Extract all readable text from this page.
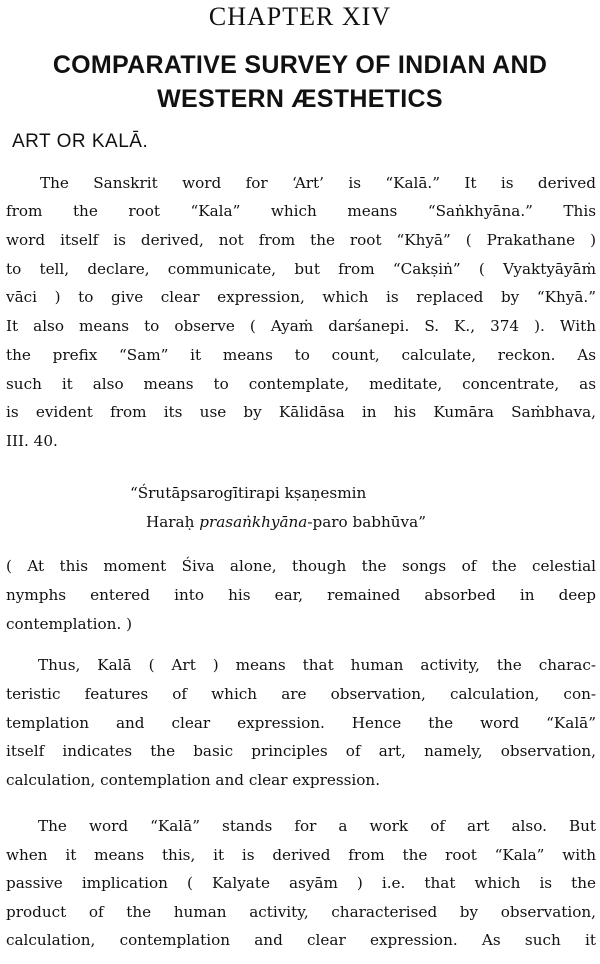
CHAPTER XIV
COMPARATIVE SURVEY OF INDIAN AND
WESTERN ÆSTHETICS
ART OR KALĀ.
The Sanskrit word for ‘Art’ is “Kalā.” It is derived
from the root “Kala” which means “Saṅkhyāna.” This
word itself is derived, not from the root “Khyā” ( Prakathane )
to tell, declare, communicate, but from “Cakṣiṅ” ( Vyaktyāyāṁ
vāci ) to give clear expression, which is replaced by “Khyā.”
It also means to observe ( Ayaṁ darśanepi. S. K., 374 ). With
the prefix “Sam” it means to count, calculate, reckon. As
such it also means to contemplate, meditate, concentrate, as
is evident from its use by Kālidāsa in his Kumāra Saṁbhava,
III. 40.
“Śrutāpsarogītirapi kṣaṇesmin
Haraḥ prasaṅkhyāna-paro babhūva”
( At this moment Śiva alone, though the songs of the celestial
nymphs entered into his ear, remained absorbed in deep
contemplation. )
Thus, Kalā ( Art ) means that human activity, the charac-
teristic features of which are observation, calculation, con-
templation and clear expression. Hence the word “Kalā”
itself indicates the basic principles of art, namely, observation,
calculation, contemplation and clear expression.
The word “Kalā” stands for a work of art also. But
when it means this, it is derived from the root “Kala” with
passive implication ( Kalyate asyām ) i.e. that which is the
product of the human activity, characterised by observation,
calculation, contemplation and clear expression. As such it
